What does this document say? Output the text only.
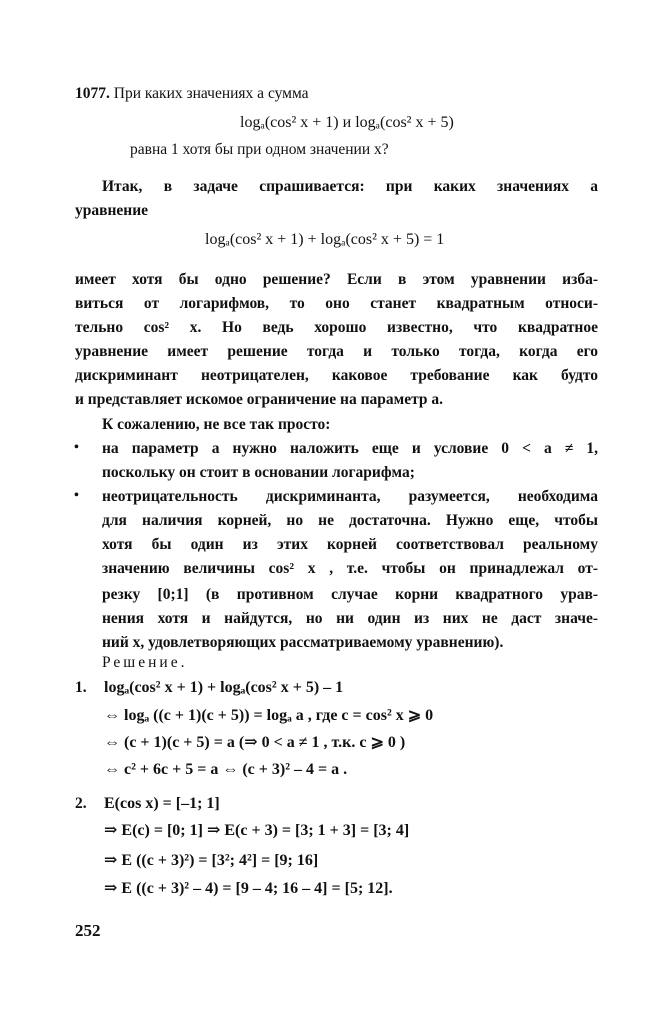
1077. При каких значениях a сумма
logₐ(cos² x + 1) и logₐ(cos² x + 5)
равна 1 хотя бы при одном значении x?
Итак, в задаче спрашивается: при каких значениях a
уравнение
logₐ(cos² x + 1) + logₐ(cos² x + 5) = 1
имеет хотя бы одно решение? Если в этом уравнении изба-
виться от логарифмов, то оно станет квадратным относи-
тельно cos² x. Но ведь хорошо известно, что квадратное
уравнение имеет решение тогда и только тогда, когда его
дискриминант неотрицателен, каковое требование как будто
и представляет искомое ограничение на параметр a.
К сожалению, не все так просто:
• на параметр a нужно наложить еще и условие 0 < a ≠ 1,
поскольку он стоит в основании логарифма;
• неотрицательность дискриминанта, разумеется, необходима
для наличия корней, но не достаточна. Нужно еще, чтобы
хотя бы один из этих корней соответствовал реальному
значению величины cos² x , т.е. чтобы он принадлежал от-
резку [0;1] (в противном случае корни квадратного урав-
нения хотя и найдутся, но ни один из них не даст значе-
ний x, удовлетворяющих рассматриваемому уравнению).
Решение.
1. logₐ(cos² x + 1) + logₐ(cos² x + 5) – 1
⇔ logₐ ((c + 1)(c + 5)) = logₐ a , где c = cos² x ⩾ 0
⇔ (c + 1)(c + 5) = a (⇒ 0 < a ≠ 1 , т.к. c ⩾ 0 )
⇔ c² + 6c + 5 = a ⇔ (c + 3)² – 4 = a .
2. E(cos x) = [–1; 1]
⇒ E(c) = [0; 1] ⇒ E(c + 3) = [3; 1 + 3] = [3; 4]
⇒ E ((c + 3)²) = [3²; 4²] = [9; 16]
⇒ E ((c + 3)² – 4) = [9 – 4; 16 – 4] = [5; 12].
252
